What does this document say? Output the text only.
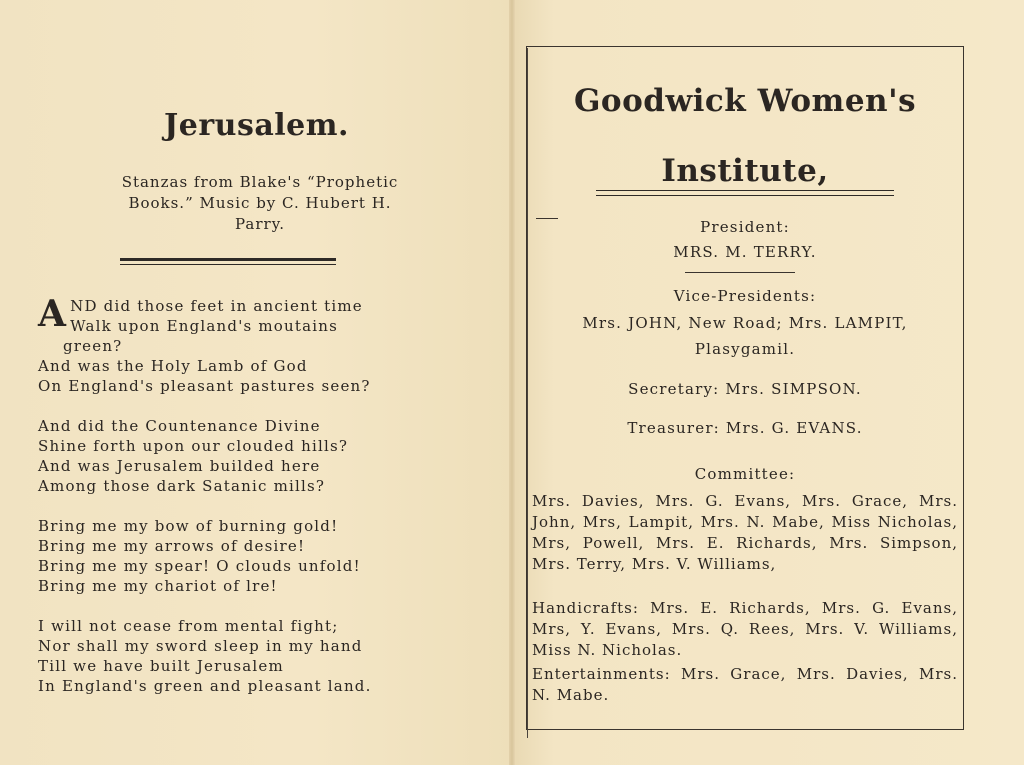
Jerusalem.
Stanzas from Blake's “Prophetic
Books.” Music by C. Hubert H.
Parry.
A ND did those feet in ancient time
Walk upon England's moutains
green?
And was the Holy Lamb of God
On England's pleasant pastures seen?
And did the Countenance Divine
Shine forth upon our clouded hills?
And was Jerusalem builded here
Among those dark Satanic mills?
Bring me my bow of burning gold!
Bring me my arrows of desire!
Bring me my spear! O clouds unfold!
Bring me my chariot of lre!
I will not cease from mental fight;
Nor shall my sword sleep in my hand
Till we have built Jerusalem
In England's green and pleasant land.
Goodwick Women's
Institute,
President:
MRS. M. TERRY.
Vice-Presidents:
Mrs. JOHN, New Road; Mrs. LAMPIT,
Plasygamil.
Secretary: Mrs. SIMPSON.
Treasurer: Mrs. G. EVANS.
Committee:
Mrs. Davies, Mrs. G. Evans, Mrs. Grace, Mrs. John, Mrs, Lampit, Mrs. N. Mabe, Miss Nicholas, Mrs, Powell, Mrs. E. Richards, Mrs. Simpson, Mrs. Terry, Mrs. V. Williams,
Handicrafts: Mrs. E. Richards, Mrs. G. Evans, Mrs, Y. Evans, Mrs. Q. Rees, Mrs. V. Williams, Miss N. Nicholas.
Entertainments: Mrs. Grace, Mrs. Davies, Mrs. N. Mabe.
